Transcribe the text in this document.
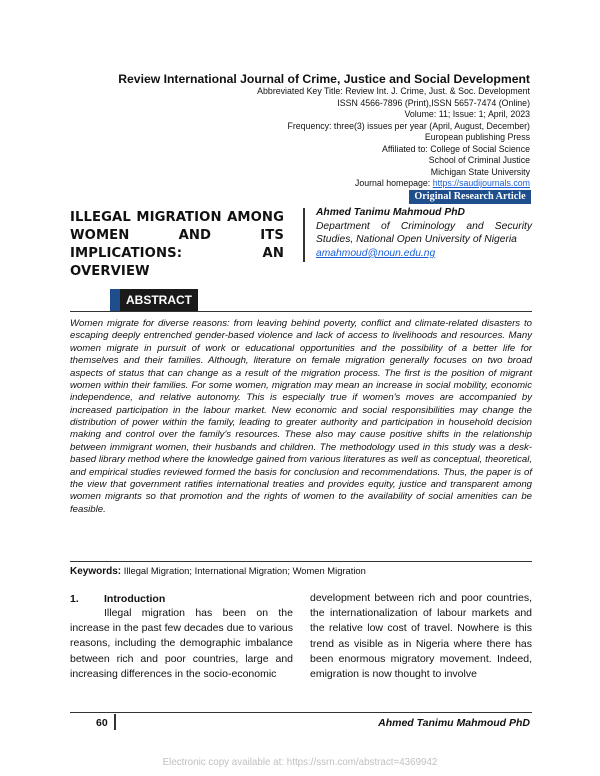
Review International Journal of Crime, Justice and Social Development
Abbreviated Key Title: Review Int. J. Crime, Just. & Soc. Development
ISSN 4566-7896 (Print),ISSN 5657-7474 (Online)
Volume: 11; Issue: 1; April, 2023
Frequency: three(3) issues per year (April, August, December)
European publishing Press
Affiliated to: College of Social Science
School of Criminal Justice
Michigan State University
Journal homepage: https://saudijournals.com
Original Research Article
ILLEGAL MIGRATION AMONG WOMEN AND ITS IMPLICATIONS: AN OVERVIEW
Ahmed Tanimu Mahmoud PhD
Department of Criminology and Security Studies, National Open University of Nigeria
amahmoud@noun.edu.ng
ABSTRACT
Women migrate for diverse reasons: from leaving behind poverty, conflict and climate-related disasters to escaping deeply entrenched gender-based violence and lack of access to livelihoods and resources. Many women migrate in pursuit of work or educational opportunities and the possibility of a better life for themselves and their families. Although, literature on female migration generally focuses on two broad aspects of status that can change as a result of the migration process. The first is the position of migrant women within their families. For some women, migration may mean an increase in social mobility, economic independence, and relative autonomy. This is especially true if women's moves are accompanied by increased participation in the labour market. New economic and social responsibilities may change the distribution of power within the family, leading to greater authority and participation in household decision making and control over the family's resources. These also may cause positive shifts in the relationship between immigrant women, their husbands and children. The methodology used in this study was a desk-based library method where the knowledge gained from various literatures as well as conceptual, theoretical, and empirical studies reviewed formed the basis for conclusion and recommendations. Thus, the paper is of the view that government ratifies international treaties and provides equity, justice and transparent among women migrants so that promotion and the rights of women to the availability of social amenities can be feasible.
Keywords: Illegal Migration; International Migration; Women Migration
1. Introduction
Illegal migration has been on the increase in the past few decades due to various reasons, including the demographic imbalance between rich and poor countries, large and increasing differences in the socio-economic
development between rich and poor countries, the internationalization of labour markets and the relative low cost of travel. Nowhere is this trend as visible as in Nigeria where there has been enormous migratory movement. Indeed, emigration is now thought to involve
60	Ahmed Tanimu Mahmoud PhD
Electronic copy available at: https://ssrn.com/abstract=4369942
